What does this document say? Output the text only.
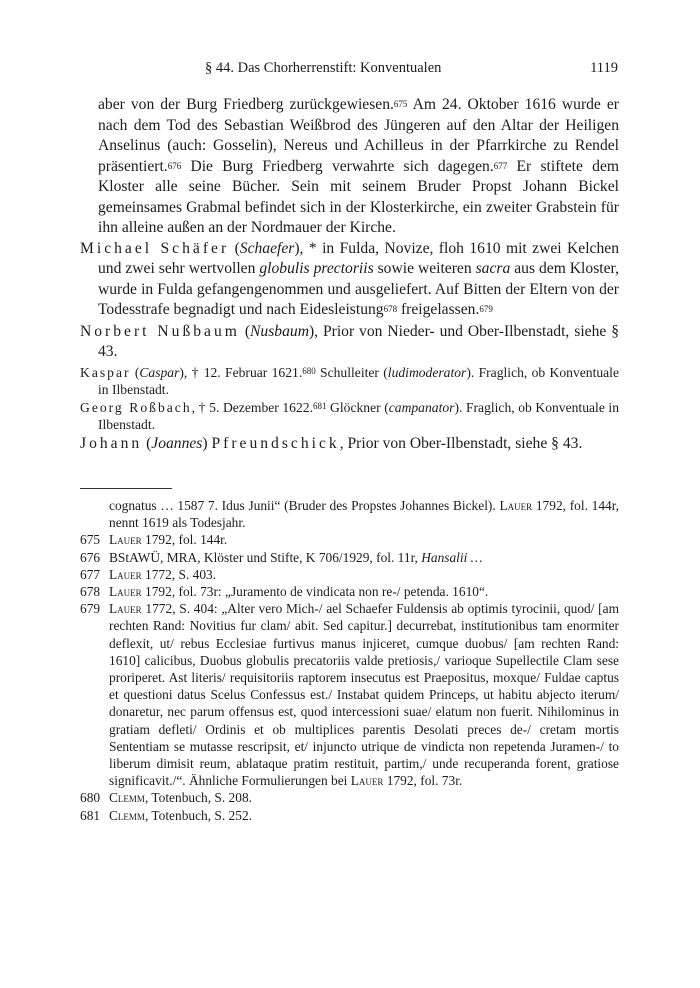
§ 44. Das Chorherrenstift: Konventualen	1119

aber von der Burg Friedberg zurückgewiesen.$^{675}$ Am 24. Oktober 1616 wurde er nach dem Tod des Sebastian Weißbrod des Jüngeren auf den Altar der Heiligen Anselinus (auch: Gosselin), Nereus und Achilleus in der Pfarrkirche zu Rendel präsentiert.$^{676}$ Die Burg Friedberg verwahrte sich dagegen.$^{677}$ Er stiftete dem Kloster alle seine Bücher. Sein mit seinem Bruder Propst Johann Bickel gemeinsames Grabmal befindet sich in der Klosterkirche, ein zweiter Grabstein für ihn alleine außen an der Nordmauer der Kirche.

Michael Schäfer (Schaefer), * in Fulda, Novize, floh 1610 mit zwei Kelchen und zwei sehr wertvollen globulis prectoriis sowie weiteren sacra aus dem Kloster, wurde in Fulda gefangengenommen und ausgeliefert. Auf Bitten der Eltern von der Todesstrafe begnadigt und nach Eidesleistung$^{678}$ freigelassen.$^{679}$

Norbert Nußbaum (Nusbaum), Prior von Nieder- und Ober-Ilbenstadt, siehe § 43.

Kaspar (Caspar), † 12. Februar 1621.$^{680}$ Schulleiter (ludimoderator). Fraglich, ob Konventuale in Ilbenstadt.

Georg Roßbach, † 5. Dezember 1622.$^{681}$ Glöckner (campanator). Fraglich, ob Konventuale in Ilbenstadt.

Johann (Joannes) Pfreundschick, Prior von Ober-Ilbenstadt, siehe § 43.

cognatus … 1587 7. Idus Junii“ (Bruder des Propstes Johannes Bickel). Lauer 1792, fol. 144r, nennt 1619 als Todesjahr.

675 Lauer 1792, fol. 144r.

676 BStAWÜ, MRA, Klöster und Stifte, K 706/1929, fol. 11r, Hansalii …

677 Lauer 1772, S. 403.

678 Lauer 1792, fol. 73r: „Juramento de vindicata non re-/ petenda. 1610“.

679 Lauer 1772, S. 404: „Alter vero Mich-/ ael Schaefer Fuldensis ab optimis tyrocinii, quod/ [am rechten Rand: Novitius fur clam/ abit. Sed capitur.] decurrebat, institutionibus tam enormiter deflexit, ut/ rebus Ecclesiae furtivus manus injiceret, cumque duobus/ [am rechten Rand: 1610] calicibus, Duobus globulis precatoriis valde pretiosis,/ varioque Supellectile Clam sese proriperet. Ast literis/ requisitoriis raptorem insecutus est Praepositus, moxque/ Fuldae captus et questioni datus Scelus Confessus est./ Instabat quidem Princeps, ut habitu abjecto iterum/ donaretur, nec parum offensus est, quod intercessioni suae/ elatum non fuerit. Nihilominus in gratiam defleti/ Ordinis et ob multiplices parentis Desolati preces de-/ cretam mortis Sententiam se mutasse rescripsit, et/ injuncto utrique de vindicta non repetenda Juramen-/ to liberum dimisit reum, ablataque pratim restituit, partim,/ unde recuperanda forent, gratiose significavit./“. Ähnliche Formulierungen bei Lauer 1792, fol. 73r.

680 Clemm, Totenbuch, S. 208.

681 Clemm, Totenbuch, S. 252.
